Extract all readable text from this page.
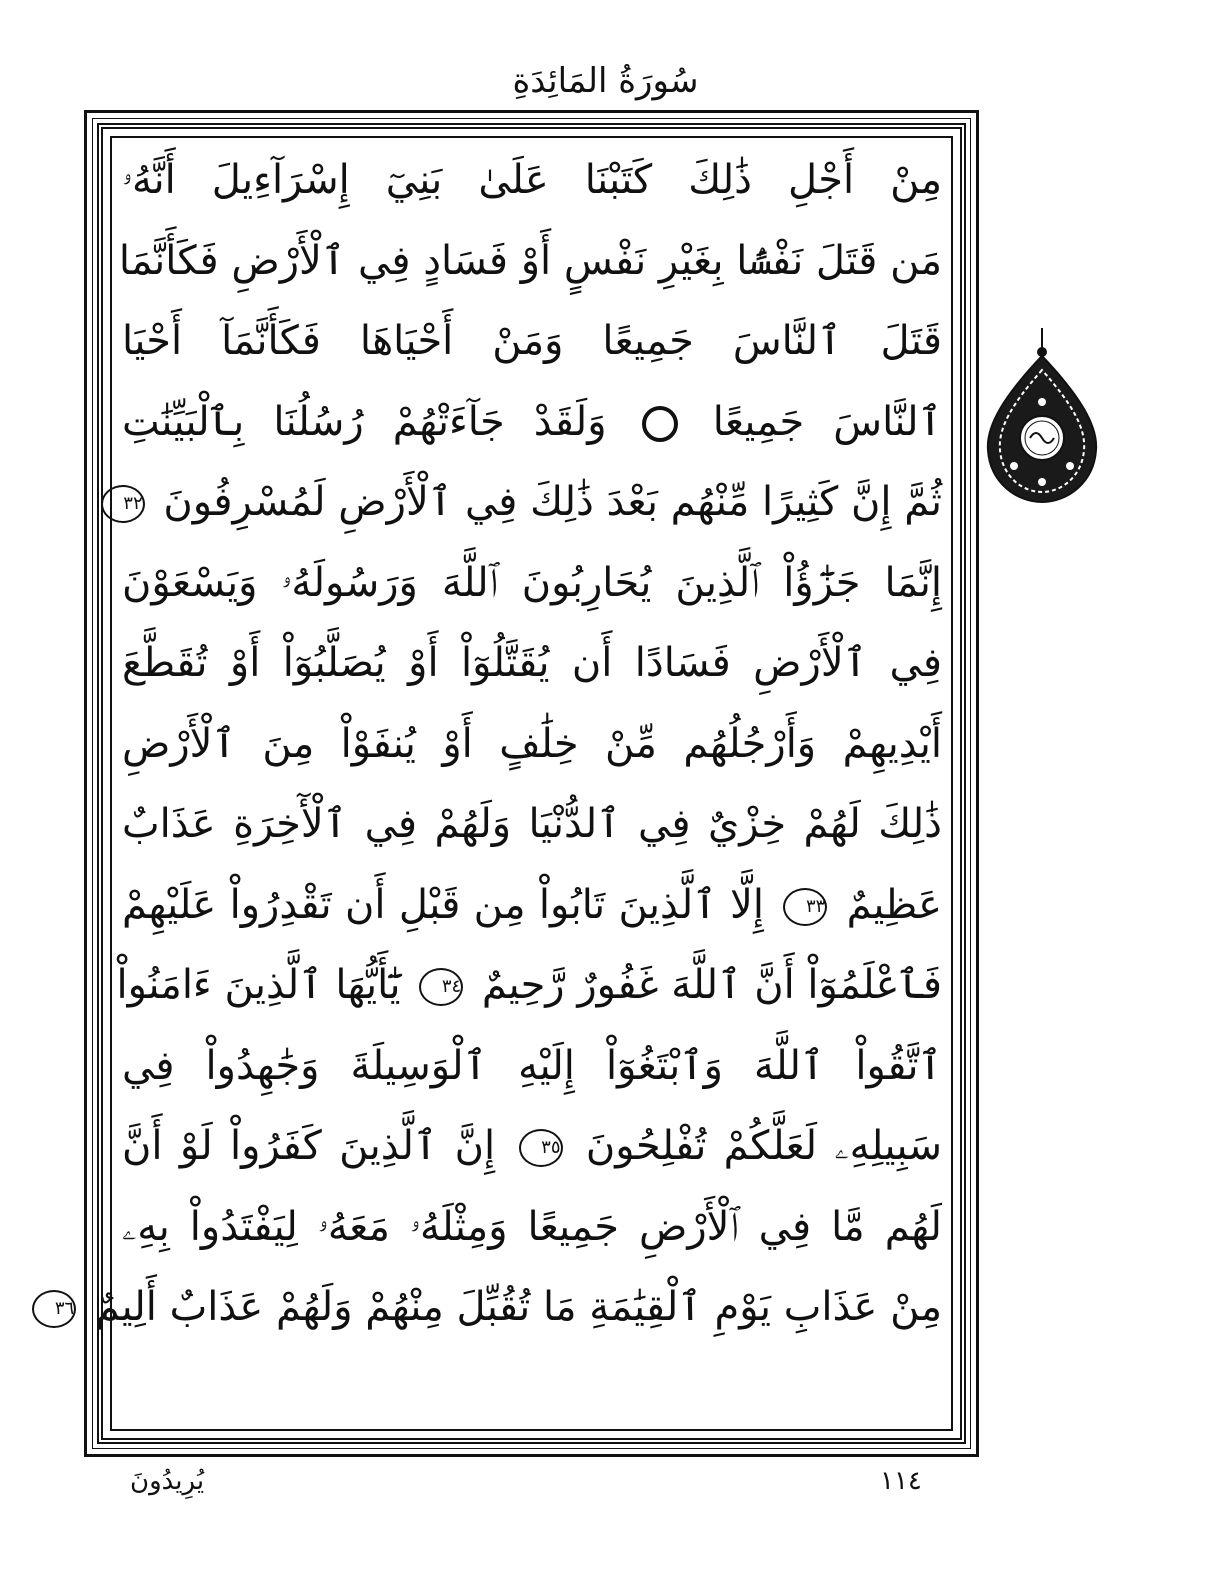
سُورَةُ المَائِدَةِ
مِنْ أَجْلِ ذَٰلِكَ كَتَبْنَا عَلَىٰ بَنِيٓ إِسْرَآءِيلَ أَنَّهُۥ
مَن قَتَلَ نَفْسًۢا بِغَيْرِ نَفْسٍ أَوْ فَسَادٍ فِي ٱلْأَرْضِ فَكَأَنَّمَا
قَتَلَ ٱلنَّاسَ جَمِيعًا وَمَنْ أَحْيَاهَا فَكَأَنَّمَآ أَحْيَا
ٱلنَّاسَ جَمِيعًا  وَلَقَدْ جَآءَتْهُمْ رُسُلُنَا بِٱلْبَيِّنَٰتِ
ثُمَّ إِنَّ كَثِيرًا مِّنْهُم بَعْدَ ذَٰلِكَ فِي ٱلْأَرْضِ لَمُسْرِفُونَ ٣٢
إِنَّمَا جَزَٰٓؤُاْ ٱلَّذِينَ يُحَارِبُونَ ٱللَّهَ وَرَسُولَهُۥ وَيَسْعَوْنَ
فِي ٱلْأَرْضِ فَسَادًا أَن يُقَتَّلُوٓاْ أَوْ يُصَلَّبُوٓاْ أَوْ تُقَطَّعَ
أَيْدِيهِمْ وَأَرْجُلُهُم مِّنْ خِلَٰفٍ أَوْ يُنفَوْاْ مِنَ ٱلْأَرْضِ
ذَٰلِكَ لَهُمْ خِزْيٌ فِي ٱلدُّنْيَا وَلَهُمْ فِي ٱلْأٓخِرَةِ عَذَابٌ
عَظِيمٌ ٣٣ إِلَّا ٱلَّذِينَ تَابُواْ مِن قَبْلِ أَن تَقْدِرُواْ عَلَيْهِمْ
فَٱعْلَمُوٓاْ أَنَّ ٱللَّهَ غَفُورٌ رَّحِيمٌ ٣٤ يَٰٓأَيُّهَا ٱلَّذِينَ ءَامَنُواْ
ٱتَّقُواْ ٱللَّهَ وَٱبْتَغُوٓاْ إِلَيْهِ ٱلْوَسِيلَةَ وَجَٰهِدُواْ فِي
سَبِيلِهِۦ لَعَلَّكُمْ تُفْلِحُونَ ٣٥ إِنَّ ٱلَّذِينَ كَفَرُواْ لَوْ أَنَّ
لَهُم مَّا فِي ٱلْأَرْضِ جَمِيعًا وَمِثْلَهُۥ مَعَهُۥ لِيَفْتَدُواْ بِهِۦ
مِنْ عَذَابِ يَوْمِ ٱلْقِيَٰمَةِ مَا تُقُبِّلَ مِنْهُمْ وَلَهُمْ عَذَابٌ أَلِيمٌ ٣٦
يُرِيدُونَ	١١٤
